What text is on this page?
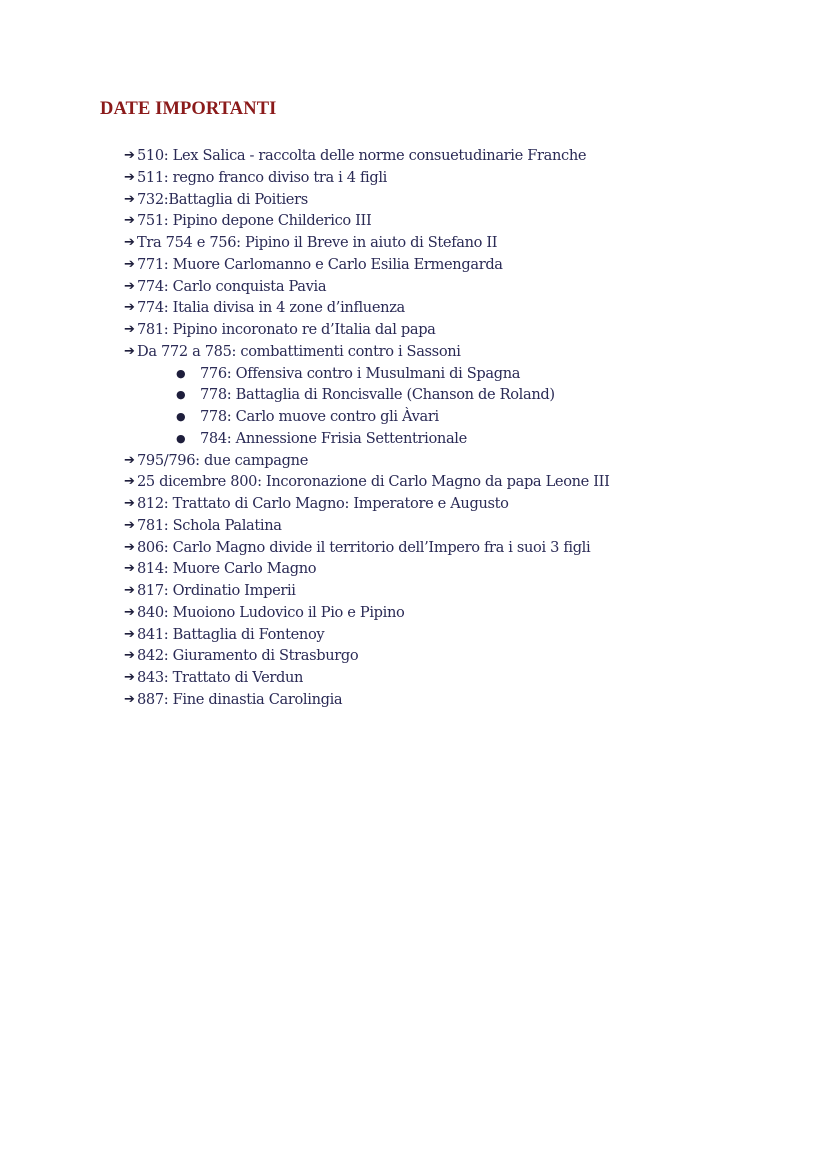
DATE IMPORTANTI
➔ 510: Lex Salica - raccolta delle norme consuetudinarie Franche
➔ 511: regno franco diviso tra i 4 figli
➔ 732:Battaglia di Poitiers
➔ 751: Pipino depone Childerico III
➔ Tra 754 e 756: Pipino il Breve in aiuto di Stefano II
➔ 771: Muore Carlomanno e Carlo Esilia Ermengarda
➔ 774: Carlo conquista Pavia
➔ 774: Italia divisa in 4 zone d’influenza
➔ 781: Pipino incoronato re d’Italia dal papa
➔ Da 772 a 785: combattimenti contro i Sassoni
● 776: Offensiva contro i Musulmani di Spagna
● 778: Battaglia di Roncisvalle (Chanson de Roland)
● 778: Carlo muove contro gli Àvari
● 784: Annessione Frisia Settentrionale
➔ 795/796: due campagne
➔ 25 dicembre 800: Incoronazione di Carlo Magno da papa Leone III
➔ 812: Trattato di Carlo Magno: Imperatore e Augusto
➔ 781: Schola Palatina
➔ 806: Carlo Magno divide il territorio dell’Impero fra i suoi 3 figli
➔ 814: Muore Carlo Magno
➔ 817: Ordinatio Imperii
➔ 840: Muoiono Ludovico il Pio e Pipino
➔ 841: Battaglia di Fontenoy
➔ 842: Giuramento di Strasburgo
➔ 843: Trattato di Verdun
➔ 887: Fine dinastia Carolingia
